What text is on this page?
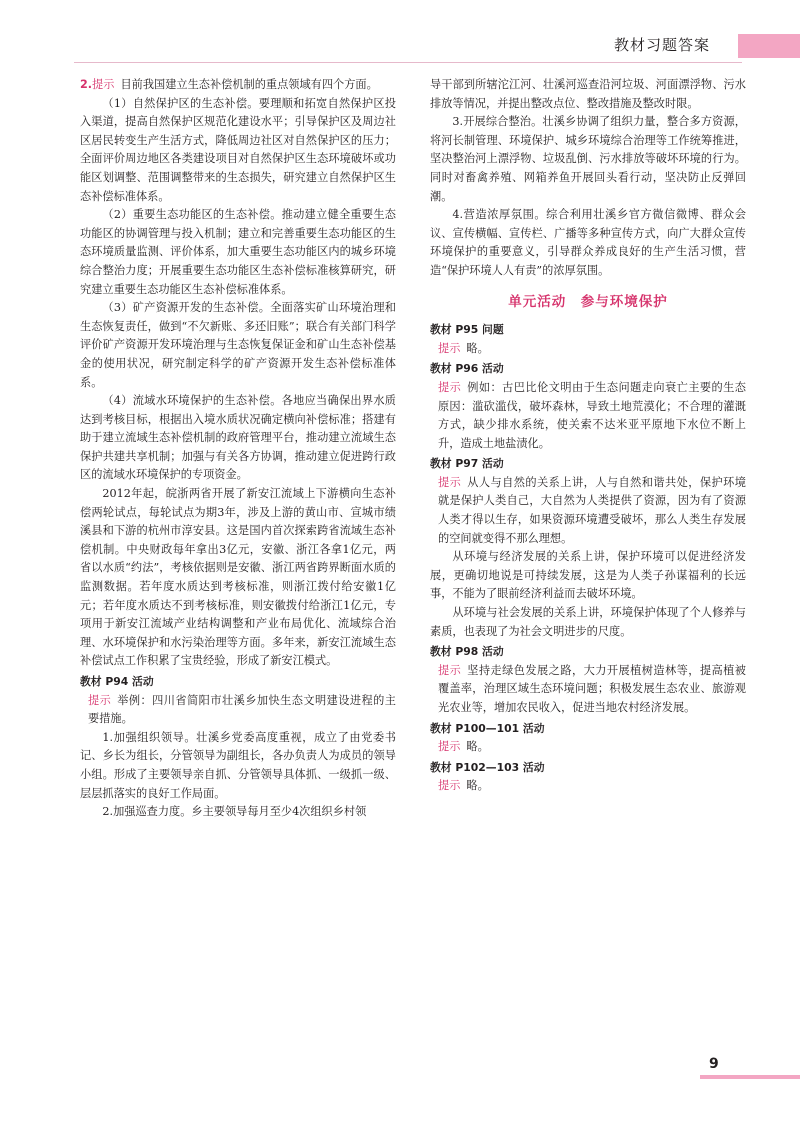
教材习题答案

2.提示 目前我国建立生态补偿机制的重点领域有四个方面。

（1）自然保护区的生态补偿。要理顺和拓宽自然保护区投入渠道，提高自然保护区规范化建设水平；引导保护区及周边社区居民转变生产生活方式，降低周边社区对自然保护区的压力；全面评价周边地区各类建设项目对自然保护区生态环境破坏或功能区划调整、范围调整带来的生态损失，研究建立自然保护区生态补偿标准体系。

（2）重要生态功能区的生态补偿。推动建立健全重要生态功能区的协调管理与投入机制；建立和完善重要生态功能区的生态环境质量监测、评价体系，加大重要生态功能区内的城乡环境综合整治力度；开展重要生态功能区生态补偿标准核算研究，研究建立重要生态功能区生态补偿标准体系。

（3）矿产资源开发的生态补偿。全面落实矿山环境治理和生态恢复责任，做到“不欠新账、多还旧账”；联合有关部门科学评价矿产资源开发环境治理与生态恢复保证金和矿山生态补偿基金的使用状况，研究制定科学的矿产资源开发生态补偿标准体系。

（4）流域水环境保护的生态补偿。各地应当确保出界水质达到考核目标，根据出入境水质状况确定横向补偿标准；搭建有助于建立流域生态补偿机制的政府管理平台，推动建立流域生态保护共建共享机制；加强与有关各方协调，推动建立促进跨行政区的流域水环境保护的专项资金。

2012年起，皖浙两省开展了新安江流域上下游横向生态补偿两轮试点，每轮试点为期3年，涉及上游的黄山市、宣城市绩溪县和下游的杭州市淳安县。这是国内首次探索跨省流域生态补偿机制。中央财政每年拿出3亿元，安徽、浙江各拿1亿元，两省以水质“约法”，考核依据则是安徽、浙江两省跨界断面水质的监测数据。若年度水质达到考核标准，则浙江拨付给安徽1亿元；若年度水质达不到考核标准，则安徽拨付给浙江1亿元，专项用于新安江流域产业结构调整和产业布局优化、流域综合治理、水环境保护和水污染治理等方面。多年来，新安江流域生态补偿试点工作积累了宝贵经验，形成了新安江模式。

教材 P94 活动

提示 举例：四川省简阳市壮溪乡加快生态文明建设进程的主要措施。

1.加强组织领导。壮溪乡党委高度重视，成立了由党委书记、乡长为组长，分管领导为副组长，各办负责人为成员的领导小组。形成了主要领导亲自抓、分管领导具体抓、一级抓一级、层层抓落实的良好工作局面。

2.加强巡查力度。乡主要领导每月至少4次组织乡村领

导干部到所辖沱江河、壮溪河巡查沿河垃圾、河面漂浮物、污水排放等情况，并提出整改点位、整改措施及整改时限。

3.开展综合整治。壮溪乡协调了组织力量，整合多方资源，将河长制管理、环境保护、城乡环境综合治理等工作统筹推进，坚决整治河上漂浮物、垃圾乱倒、污水排放等破坏环境的行为。同时对畜禽养殖、网箱养鱼开展回头看行动，坚决防止反弹回潮。

4.营造浓厚氛围。综合利用壮溪乡官方微信微博、群众会议、宣传横幅、宣传栏、广播等多种宣传方式，向广大群众宣传环境保护的重要意义，引导群众养成良好的生产生活习惯，营造“保护环境人人有责”的浓厚氛围。

单元活动　参与环境保护

教材 P95 问题

提示 略。

教材 P96 活动

提示 例如：古巴比伦文明由于生态问题走向衰亡主要的生态原因：滥砍滥伐，破坏森林，导致土地荒漠化；不合理的灌溉方式，缺少排水系统，使关索不达米亚平原地下水位不断上升，造成土地盐渍化。

教材 P97 活动

提示 从人与自然的关系上讲，人与自然和谐共处，保护环境就是保护人类自己，大自然为人类提供了资源，因为有了资源人类才得以生存，如果资源环境遭受破坏，那么人类生存发展的空间就变得不那么理想。

从环境与经济发展的关系上讲，保护环境可以促进经济发展，更确切地说是可持续发展，这是为人类子孙谋福利的长远事，不能为了眼前经济利益而去破坏环境。

从环境与社会发展的关系上讲，环境保护体现了个人修养与素质，也表现了为社会文明进步的尺度。

教材 P98 活动

提示 坚持走绿色发展之路，大力开展植树造林等，提高植被覆盖率，治理区域生态环境问题；积极发展生态农业、旅游观光农业等，增加农民收入，促进当地农村经济发展。

教材 P100—101 活动

提示 略。

教材 P102—103 活动

提示 略。

9
